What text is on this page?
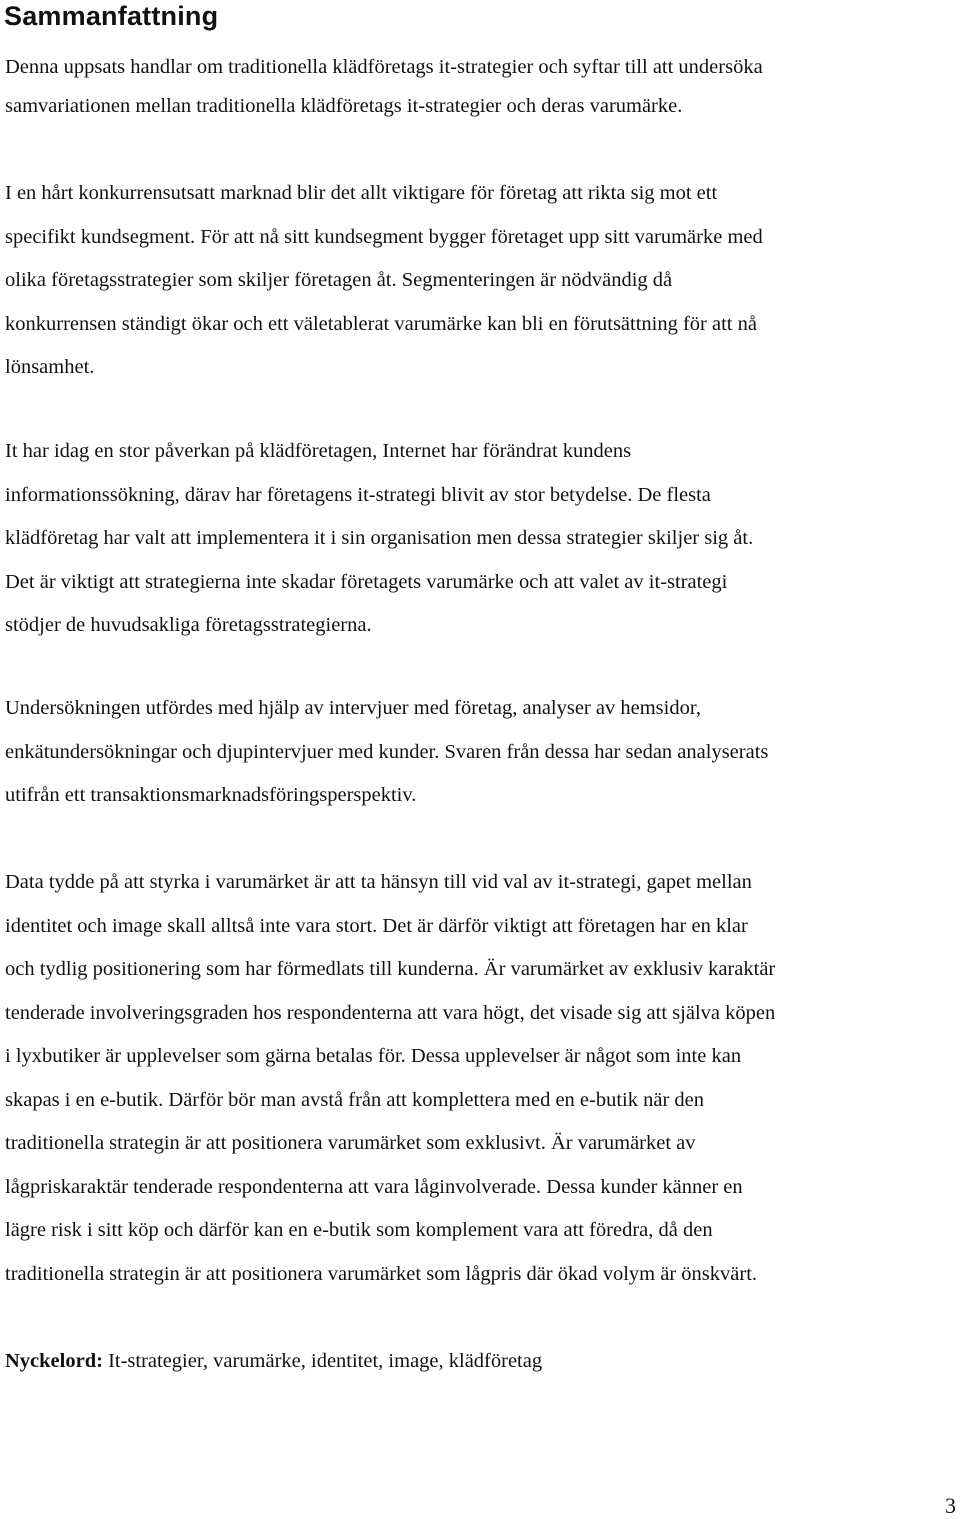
Sammanfattning

Denna uppsats handlar om traditionella klädföretags it-strategier och syftar till att undersöka
samvariationen mellan traditionella klädföretags it-strategier och deras varumärke.

I en hårt konkurrensutsatt marknad blir det allt viktigare för företag att rikta sig mot ett
specifikt kundsegment. För att nå sitt kundsegment bygger företaget upp sitt varumärke med
olika företagsstrategier som skiljer företagen åt. Segmenteringen är nödvändig då
konkurrensen ständigt ökar och ett väletablerat varumärke kan bli en förutsättning för att nå
lönsamhet.

It har idag en stor påverkan på klädföretagen, Internet har förändrat kundens
informationssökning, därav har företagens it-strategi blivit av stor betydelse. De flesta
klädföretag har valt att implementera it i sin organisation men dessa strategier skiljer sig åt.
Det är viktigt att strategierna inte skadar företagets varumärke och att valet av it-strategi
stödjer de huvudsakliga företagsstrategierna.

Undersökningen utfördes med hjälp av intervjuer med företag, analyser av hemsidor,
enkätundersökningar och djupintervjuer med kunder. Svaren från dessa har sedan analyserats
utifrån ett transaktionsmarknadsföringsperspektiv.

Data tydde på att styrka i varumärket är att ta hänsyn till vid val av it-strategi, gapet mellan
identitet och image skall alltså inte vara stort. Det är därför viktigt att företagen har en klar
och tydlig positionering som har förmedlats till kunderna. Är varumärket av exklusiv karaktär
tenderade involveringsgraden hos respondenterna att vara högt, det visade sig att själva köpen
i lyxbutiker är upplevelser som gärna betalas för. Dessa upplevelser är något som inte kan
skapas i en e-butik. Därför bör man avstå från att komplettera med en e-butik när den
traditionella strategin är att positionera varumärket som exklusivt. Är varumärket av
lågpriskaraktär tenderade respondenterna att vara låginvolverade. Dessa kunder känner en
lägre risk i sitt köp och därför kan en e-butik som komplement vara att föredra, då den
traditionella strategin är att positionera varumärket som lågpris där ökad volym är önskvärt.

Nyckelord: It-strategier, varumärke, identitet, image, klädföretag

3
